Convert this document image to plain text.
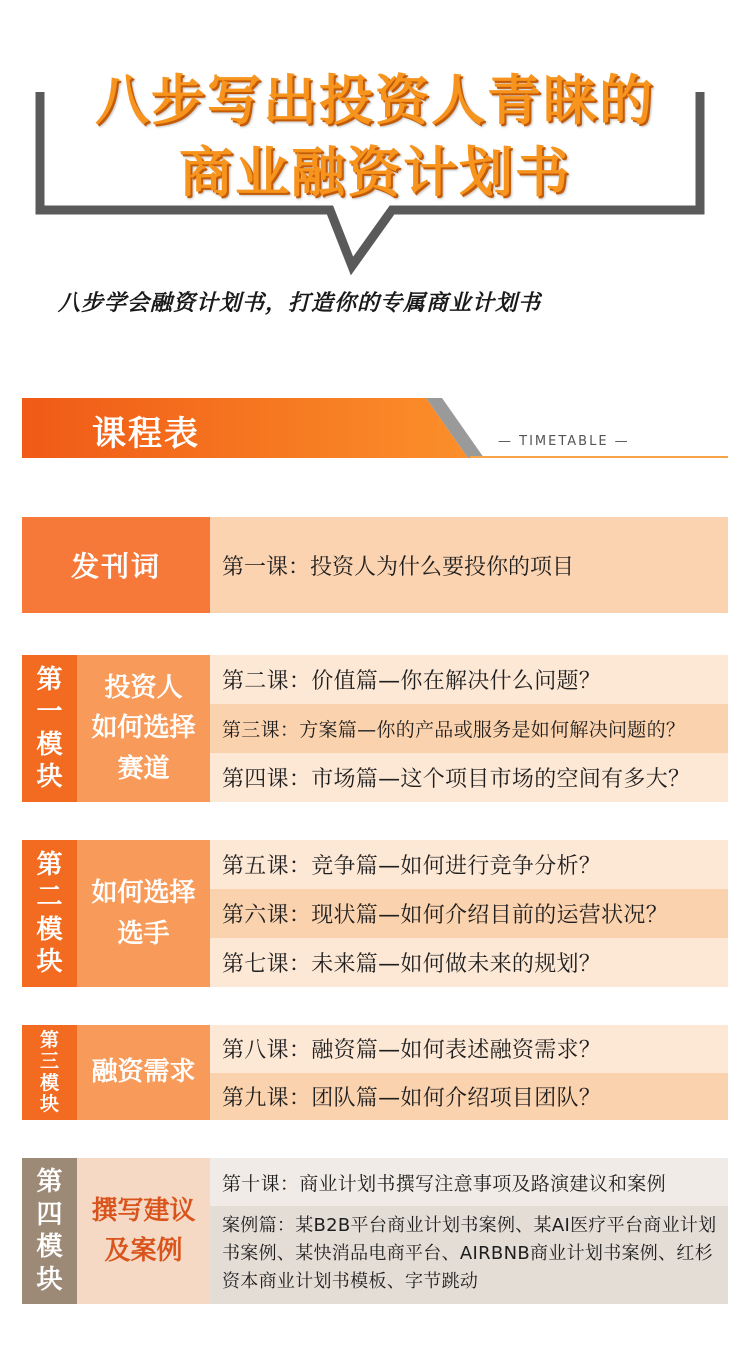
八步写出投资人青睐的
商业融资计划书
八步学会融资计划书，打造你的专属商业计划书
课程表	— TIMETABLE —
发刊词	第一课：投资人为什么要投你的项目
第
一
模
块
投资人
如何选择
赛道
第二课：价值篇—你在解决什么问题？
第三课：方案篇—你的产品或服务是如何解决问题的？
第四课：市场篇—这个项目市场的空间有多大？
第
二
模
块
如何选择
选手
第五课：竞争篇—如何进行竞争分析？
第六课：现状篇—如何介绍目前的运营状况？
第七课：未来篇—如何做未来的规划？
第
三
模
块
融资需求
第八课：融资篇—如何表述融资需求？
第九课：团队篇—如何介绍项目团队？
第
四
模
块
撰写建议
及案例
第十课：商业计划书撰写注意事项及路演建议和案例
案例篇：某B2B平台商业计划书案例、某AI医疗平台商业计划书案例、某快消品电商平台、AIRBNB商业计划书案例、红杉资本商业计划书模板、字节跳动
